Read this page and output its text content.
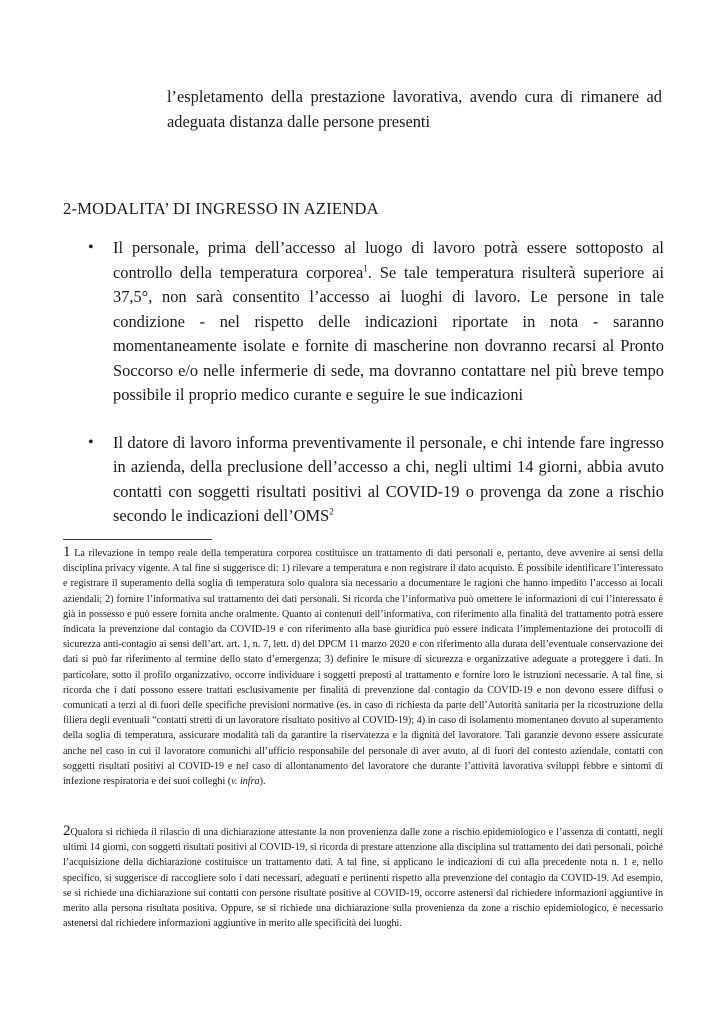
l’espletamento della prestazione lavorativa, avendo cura di rimanere ad adeguata distanza dalle persone presenti
2-MODALITA’ DI INGRESSO IN AZIENDA
• Il personale, prima dell’accesso al luogo di lavoro potrà essere sottoposto al controllo della temperatura corporea$^1$. Se tale temperatura risulterà superiore ai 37,5°, non sarà consentito l’accesso ai luoghi di lavoro. Le persone in tale condizione - nel rispetto delle indicazioni riportate in nota - saranno momentaneamente isolate e fornite di mascherine non dovranno recarsi al Pronto Soccorso e/o nelle infermerie di sede, ma dovranno contattare nel più breve tempo possibile il proprio medico curante e seguire le sue indicazioni
• Il datore di lavoro informa preventivamente il personale, e chi intende fare ingresso in azienda, della preclusione dell’accesso a chi, negli ultimi 14 giorni, abbia avuto contatti con soggetti risultati positivi al COVID-19 o provenga da zone a rischio secondo le indicazioni dell’OMS$^2$
1 La rilevazione in tempo reale della temperatura corporea costituisce un trattamento di dati personali e, pertanto, deve avvenire ai sensi della disciplina privacy vigente. A tal fine si suggerisce di: 1) rilevare a temperatura e non registrare il dato acquisto. È possibile identificare l’interessato e registrare il superamento della soglia di temperatura solo qualora sia necessario a documentare le ragioni che hanno impedito l’accesso ai locali aziendali; 2) fornire l’informativa sul trattamento dei dati personali. Si ricorda che l’informativa può omettere le informazioni di cui l’interessato è già in possesso e può essere fornita anche oralmente. Quanto ai contenuti dell’informativa, con riferimento alla finalità del trattamento potrà essere indicata la prevenzione dal contagio da COVID-19 e con riferimento alla base giuridica può essere indicata l’implementazione dei protocolli di sicurezza anti-contagio ai sensi dell’art. art. 1, n. 7, lett. d) del DPCM 11 marzo 2020 e con riferimento alla durata dell’eventuale conservazione dei dati si può far riferimento al termine dello stato d’emergenza; 3) definire le misure di sicurezza e organizzative adeguate a proteggere i dati. In particolare, sotto il profilo organizzativo, occorre individuare i soggetti preposti al trattamento e fornire loro le istruzioni necessarie. A tal fine, si ricorda che i dati possono essere trattati esclusivamente per finalità di prevenzione dal contagio da COVID-19 e non devono essere diffusi o comunicati a terzi al di fuori delle specifiche previsioni normative (es. in caso di richiesta da parte dell’Autorità sanitaria per la ricostruzione della filiera degli eventuali “contatti stretti di un lavoratore risultato positivo al COVID-19); 4) in caso di isolamento momentaneo dovuto al superamento della soglia di temperatura, assicurare modalità tali da garantire la riservatezza e la dignità del lavoratore. Tali garanzie devono essere assicurate anche nel caso in cui il lavoratore comunichi all’ufficio responsabile del personale di aver avuto, al di fuori del contesto aziendale, contatti con soggetti risultati positivi al COVID-19 e nel caso di allontanamento del lavoratore che durante l’attività lavorativa sviluppi febbre e sintomi di infezione respiratoria e dei suoi colleghi (v. infra).
2Qualora si richieda il rilascio di una dichiarazione attestante la non provenienza dalle zone a rischio epidemiologico e l’assenza di contatti, negli ultimi 14 giorni, con soggetti risultati positivi al COVID-19, si ricorda di prestare attenzione alla disciplina sul trattamento dei dati personali, poiché l’acquisizione della dichiarazione costituisce un trattamento dati. A tal fine, si applicano le indicazioni di cui alla precedente nota n. 1 e, nello specifico, si suggerisce di raccogliere solo i dati necessari, adeguati e pertinenti rispetto alla prevenzione del contagio da COVID-19. Ad esempio, se si richiede una dichiarazione sui contatti con persone risultate positive al COVID-19, occorre astenersi dal richiedere informazioni aggiuntive in merito alla persona risultata positiva. Oppure, se si richiede una dichiarazione sulla provenienza da zone a rischio epidemiologico, è necessario astenersi dal richiedere informazioni aggiuntive in merito alle specificità dei luoghi.
